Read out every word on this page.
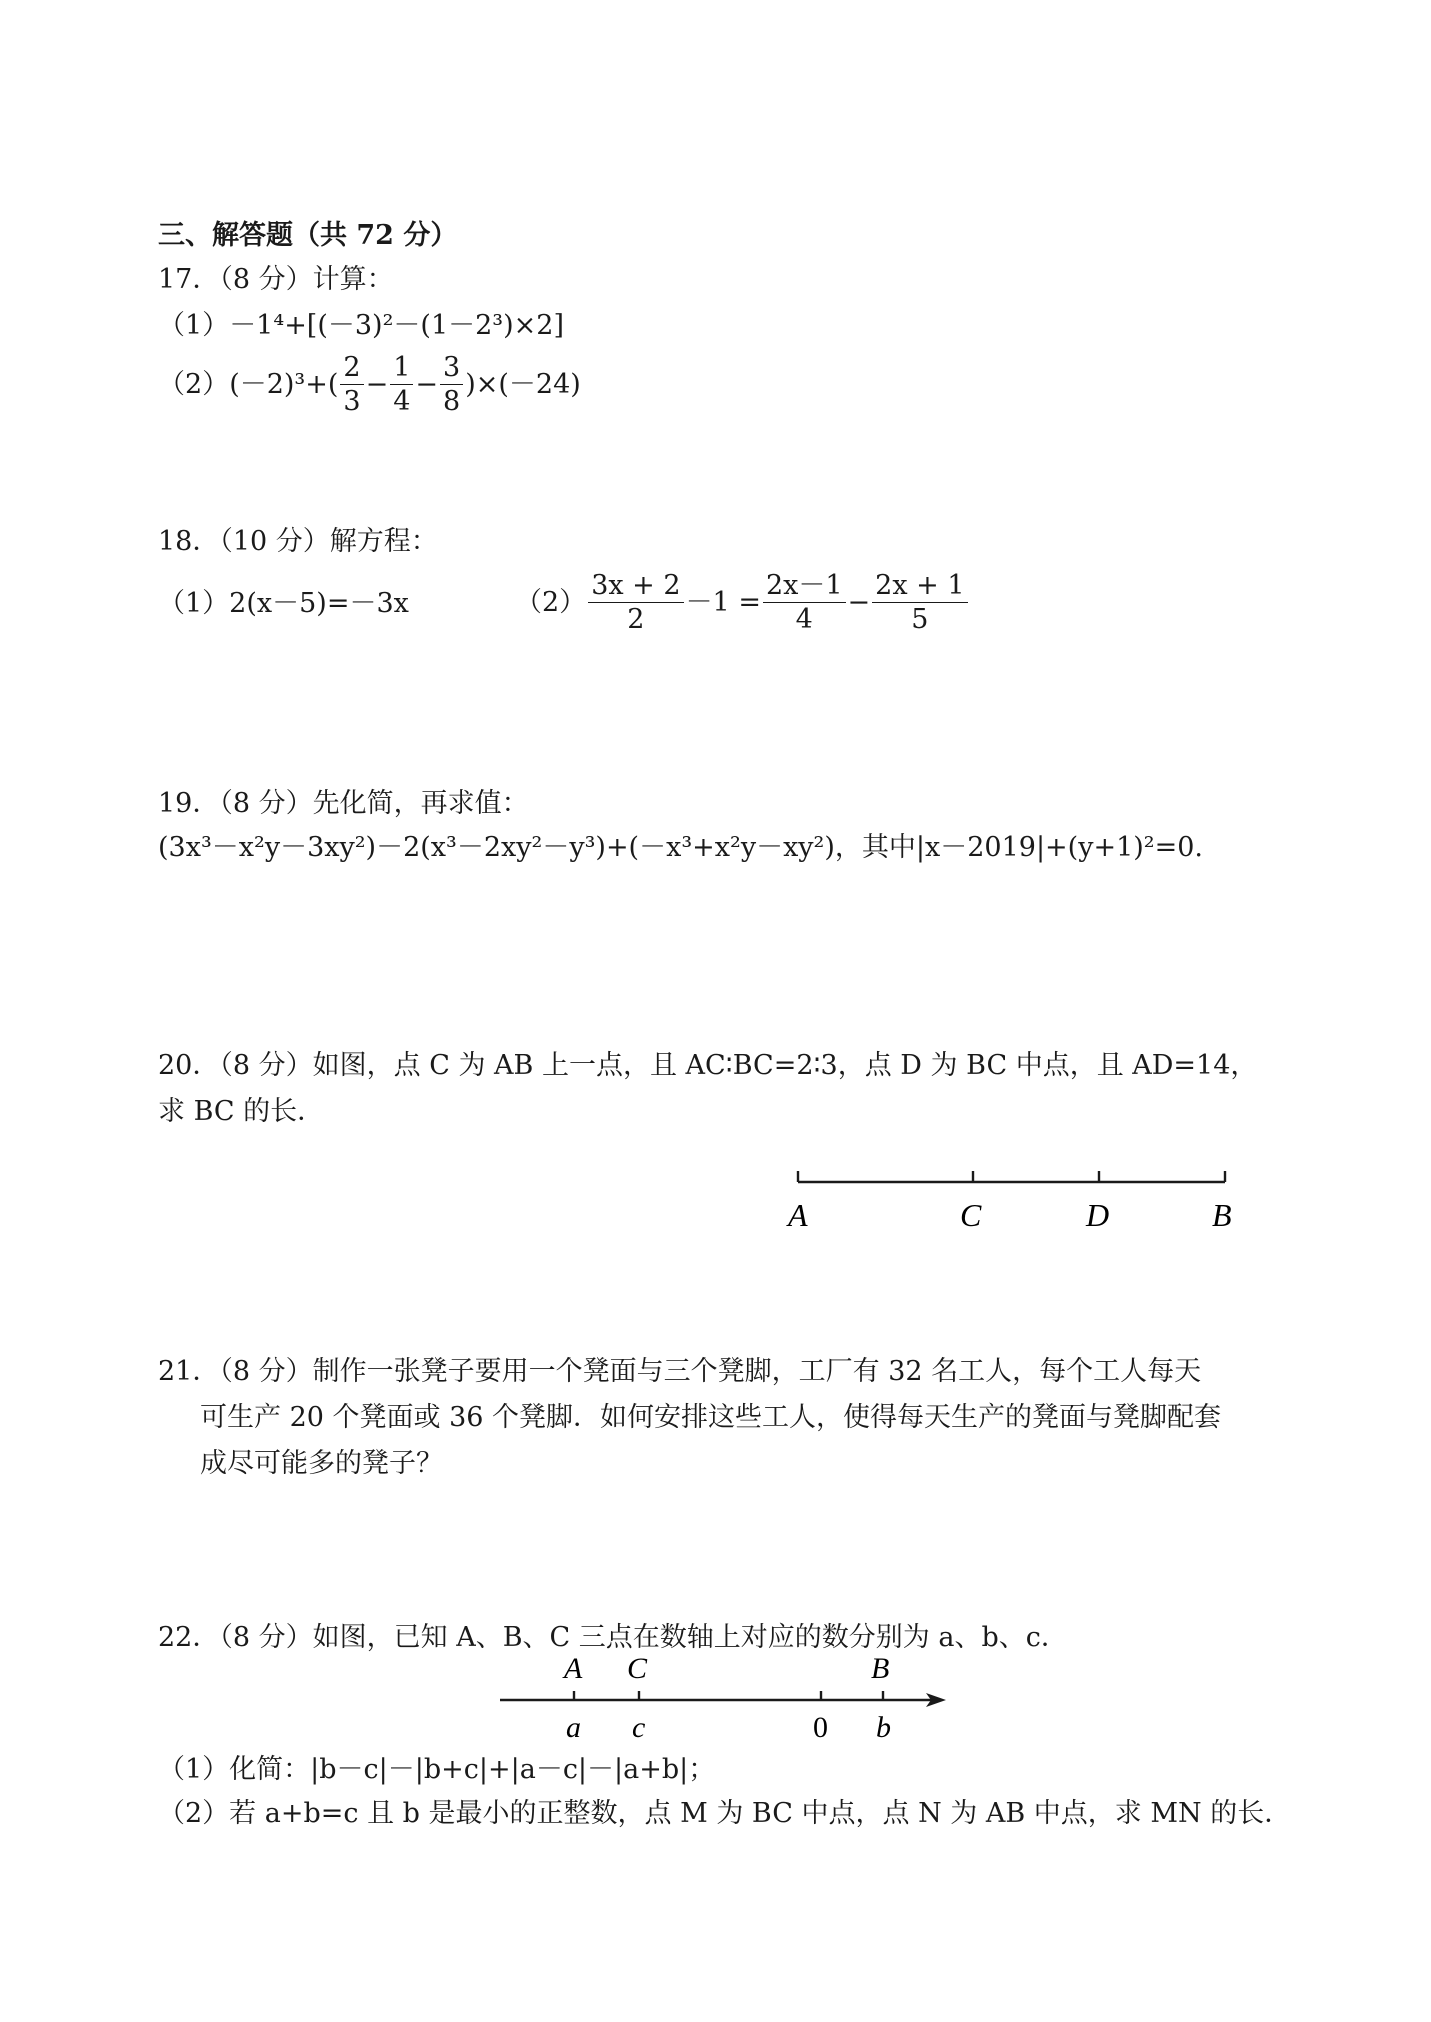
三、解答题（共 72 分）
17．（8 分）计算：
（1）－1⁴+[(－3)²－(1－2³)×2]
$(2)(-2)^3+( \frac{2}{3} - \frac{1}{4} - \frac{3}{8} )\times(-24)$
18．（10 分）解方程：
（1）2(x－5)=－3x	$(2) \frac{3x + 2}{2} -1 = \frac{2x-1}{4} - \frac{2x + 1}{5}$
19．（8 分）先化简，再求值：
(3x³－x²y－3xy²)－2(x³－2xy²－y³)+(－x³+x²y－xy²)，其中|x－2019|+(y+1)²=0.
20．（8 分）如图，点 C 为 AB 上一点，且 AC∶BC=2∶3，点 D 为 BC 中点，且 AD=14，
求 BC 的长．
A	C	D	B
21．（8 分）制作一张凳子要用一个凳面与三个凳脚，工厂有 32 名工人，每个工人每天
可生产 20 个凳面或 36 个凳脚．如何安排这些工人，使得每天生产的凳面与凳脚配套
成尽可能多的凳子？
22．（8 分）如图，已知 A、B、C 三点在数轴上对应的数分别为 a、b、c．
A C	B
a c	0 b
（1）化简：|b－c|－|b+c|+|a－c|－|a+b|；
（2）若 a+b=c 且 b 是最小的正整数，点 M 为 BC 中点，点 N 为 AB 中点，求 MN 的长．
